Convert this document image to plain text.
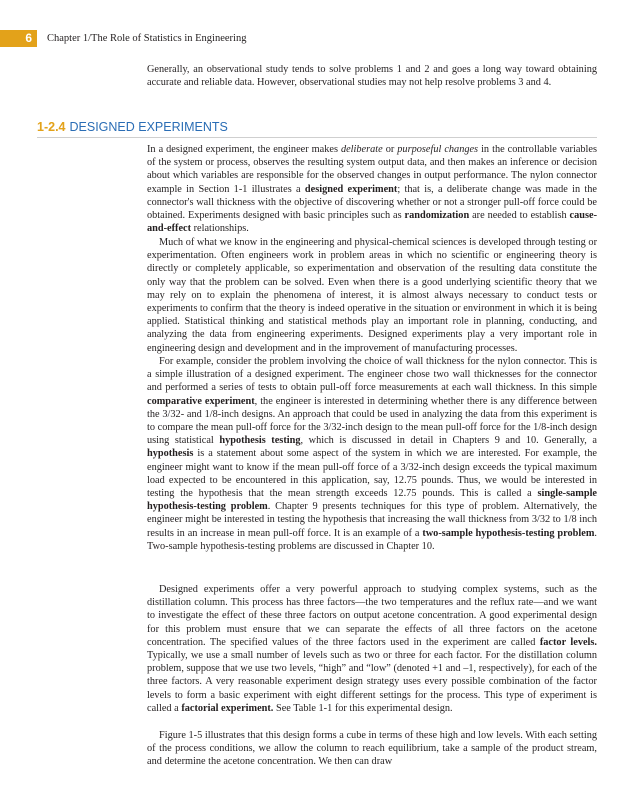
6	Chapter 1/The Role of Statistics in Engineering

Generally, an observational study tends to solve problems 1 and 2 and goes a long way toward obtaining accurate and reliable data. However, observational studies may not help resolve problems 3 and 4.

1-2.4 DESIGNED EXPERIMENTS

In a designed experiment, the engineer makes deliberate or purposeful changes in the controllable variables of the system or process, observes the resulting system output data, and then makes an inference or decision about which variables are responsible for the observed changes in output performance. The nylon connector example in Section 1-1 illustrates a designed experiment; that is, a deliberate change was made in the connector's wall thickness with the objective of discovering whether or not a stronger pull-off force could be obtained. Experiments designed with basic principles such as randomization are needed to establish cause-and-effect relationships.

Much of what we know in the engineering and physical-chemical sciences is developed through testing or experimentation. Often engineers work in problem areas in which no scientific or engineering theory is directly or completely applicable, so experimentation and observation of the resulting data constitute the only way that the problem can be solved. Even when there is a good underlying scientific theory that we may rely on to explain the phenomena of interest, it is almost always necessary to conduct tests or experiments to confirm that the theory is indeed operative in the situation or environment in which it is being applied. Statistical thinking and statistical methods play an important role in planning, conducting, and analyzing the data from engineering experiments. Designed experiments play a very important role in engineering design and development and in the improvement of manufacturing processes.

For example, consider the problem involving the choice of wall thickness for the nylon connector. This is a simple illustration of a designed experiment. The engineer chose two wall thicknesses for the connector and performed a series of tests to obtain pull-off force measurements at each wall thickness. In this simple comparative experiment, the engineer is interested in determining whether there is any difference between the 3/32- and 1/8-inch designs. An approach that could be used in analyzing the data from this experiment is to compare the mean pull-off force for the 3/32-inch design to the mean pull-off force for the 1/8-inch design using statistical hypothesis testing, which is discussed in detail in Chapters 9 and 10. Generally, a hypothesis is a statement about some aspect of the system in which we are interested. For example, the engineer might want to know if the mean pull-off force of a 3/32-inch design exceeds the typical maximum load expected to be encountered in this application, say, 12.75 pounds. Thus, we would be interested in testing the hypothesis that the mean strength exceeds 12.75 pounds. This is called a single-sample hypothesis-testing problem. Chapter 9 presents techniques for this type of problem. Alternatively, the engineer might be interested in testing the hypothesis that increasing the wall thickness from 3/32 to 1/8 inch results in an increase in mean pull-off force. It is an example of a two-sample hypothesis-testing problem. Two-sample hypothesis-testing problems are discussed in Chapter 10.

Designed experiments offer a very powerful approach to studying complex systems, such as the distillation column. This process has three factors—the two temperatures and the reflux rate—and we want to investigate the effect of these three factors on output acetone concentration. A good experimental design for this problem must ensure that we can separate the effects of all three factors on the acetone concentration. The specified values of the three factors used in the experiment are called factor levels. Typically, we use a small number of levels such as two or three for each factor. For the distillation column problem, suppose that we use two levels, “high” and “low” (denoted +1 and –1, respectively), for each of the three factors. A very reasonable experiment design strategy uses every possible combination of the factor levels to form a basic experiment with eight different settings for the process. This type of experiment is called a factorial experiment. See Table 1-1 for this experimental design.

Figure 1-5 illustrates that this design forms a cube in terms of these high and low levels. With each setting of the process conditions, we allow the column to reach equilibrium, take a sample of the product stream, and determine the acetone concentration. We then can draw
